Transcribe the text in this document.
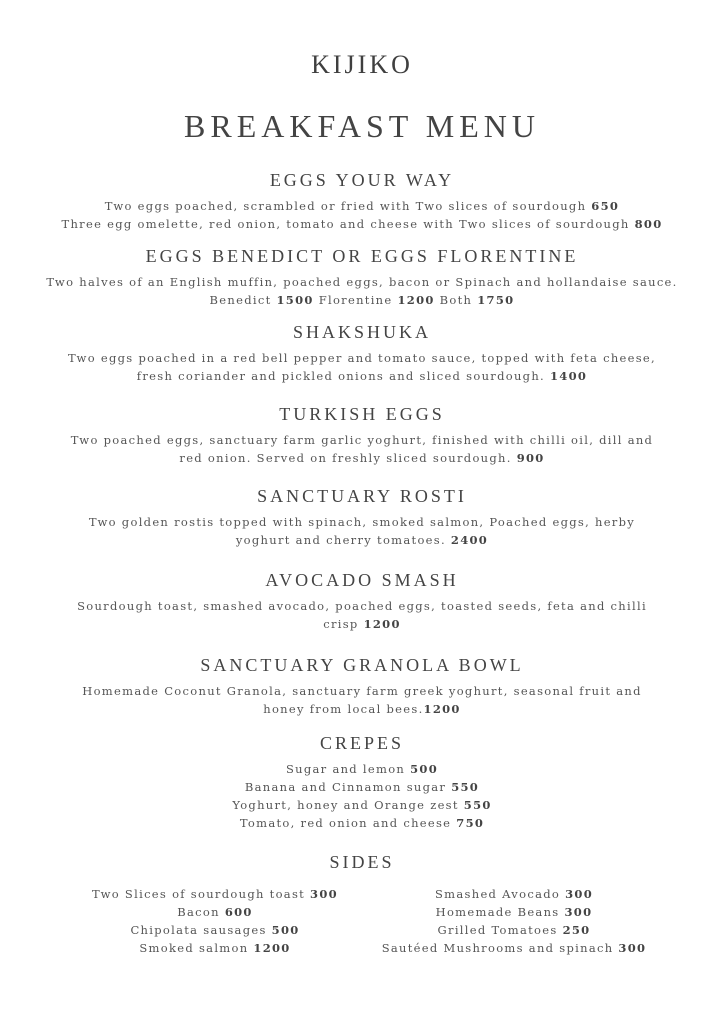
KIJIKO
BREAKFAST MENU
EGGS YOUR WAY
Two eggs poached, scrambled or fried with Two slices of sourdough 650
Three egg omelette, red onion, tomato and cheese with Two slices of sourdough 800
EGGS BENEDICT OR EGGS FLORENTINE
Two halves of an English muffin, poached eggs, bacon or Spinach and hollandaise sauce.
Benedict 1500 Florentine 1200 Both 1750
SHAKSHUKA
Two eggs poached in a red bell pepper and tomato sauce, topped with feta cheese,
fresh coriander and pickled onions and sliced sourdough. 1400
TURKISH EGGS
Two poached eggs, sanctuary farm garlic yoghurt, finished with chilli oil, dill and
red onion. Served on freshly sliced sourdough. 900
SANCTUARY ROSTI
Two golden rostis topped with spinach, smoked salmon, Poached eggs, herby
yoghurt and cherry tomatoes. 2400
AVOCADO SMASH
Sourdough toast, smashed avocado, poached eggs, toasted seeds, feta and chilli
crisp 1200
SANCTUARY GRANOLA BOWL
Homemade Coconut Granola, sanctuary farm greek yoghurt, seasonal fruit and
honey from local bees.1200
CREPES
Sugar and lemon 500
Banana and Cinnamon sugar 550
Yoghurt, honey and Orange zest 550
Tomato, red onion and cheese 750
SIDES
Two Slices of sourdough toast 300
Bacon 600
Chipolata sausages 500
Smoked salmon 1200
Smashed Avocado 300
Homemade Beans 300
Grilled Tomatoes 250
Sautéed Mushrooms and spinach 300
